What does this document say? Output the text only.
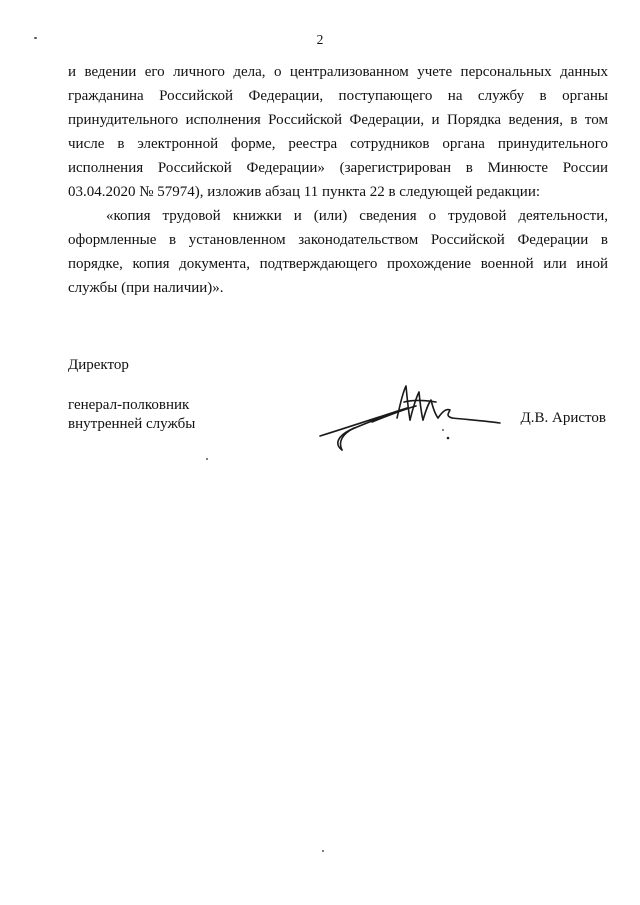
2

и ведении его личного дела, о централизованном учете персональных данных гражданина Российской Федерации, поступающего на службу в органы принудительного исполнения Российской Федерации, и Порядка ведения, в том числе в электронной форме, реестра сотрудников органа принудительного исполнения Российской Федерации» (зарегистрирован в Минюсте России 03.04.2020 № 57974), изложив абзац 11 пункта 22 в следующей редакции:

«копия трудовой книжки и (или) сведения о трудовой деятельности, оформленные в установленном законодательством Российской Федерации в порядке, копия документа, подтверждающего прохождение военной или иной службы (при наличии)».

Директор
генерал-полковник
внутренней службы	Д.В. Аристов
